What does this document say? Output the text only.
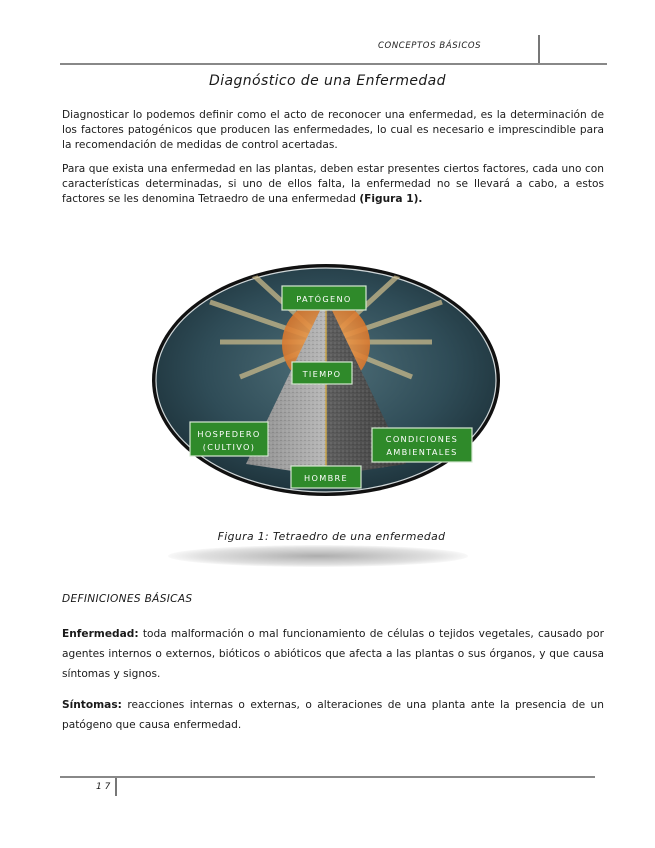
CONCEPTOS BÁSICOS
Diagnóstico de una Enfermedad

Diagnosticar lo podemos definir como el acto de reconocer una enfermedad, es la determinación de los factores patogénicos que producen las enfermedades, lo cual es necesario e imprescindible para la recomendación de medidas de control acertadas.

Para que exista una enfermedad en las plantas, deben estar presentes ciertos factores, cada uno con características determinadas, si uno de ellos falta, la enfermedad no se llevará a cabo, a estos factores se les denomina Tetraedro de una enfermedad (Figura 1).

PATÓGENO
TIEMPO
HOSPEDERO
(CULTIVO)
CONDICIONES
AMBIENTALES
HOMBRE
Figura 1: Tetraedro de una enfermedad
DEFINICIONES BÁSICAS

Enfermedad: toda malformación o mal funcionamiento de células o tejidos vegetales, causado por agentes internos o externos, bióticos o abióticos que afecta a las plantas o sus órganos, y que causa síntomas y signos.

Síntomas: reacciones internas o externas, o alteraciones de una planta ante la presencia de un patógeno que causa enfermedad.

1 7
